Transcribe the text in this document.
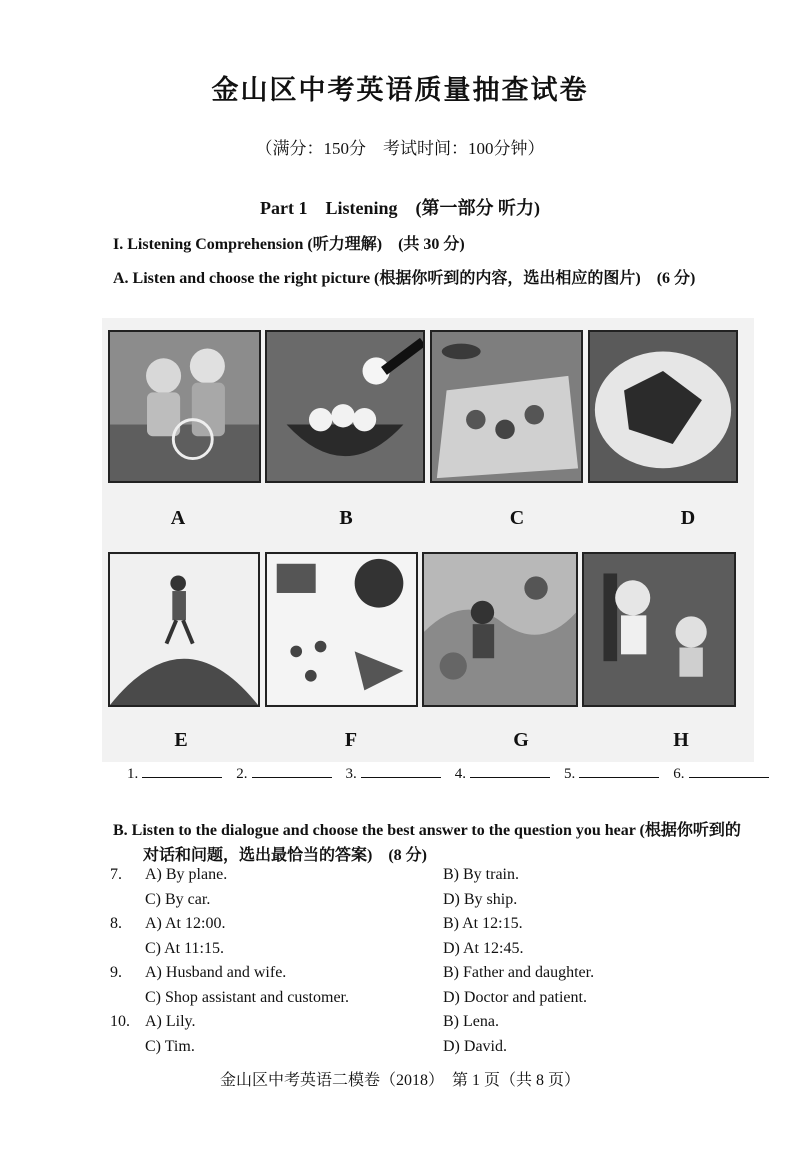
金山区中考英语质量抽查试卷
（满分：150分　考试时间：100分钟）
Part 1　Listening　(第一部分 听力)
I. Listening Comprehension (听力理解)　(共 30 分)
A. Listen and choose the right picture (根据你听到的内容，选出相应的图片)　(6 分)
A	B	C	D
E	F	G	H
1.	2.	3.	4.	5.	6.
B. Listen to the dialogue and choose the best answer to the question you hear (根据你听到的
对话和问题，选出最恰当的答案)　(8 分)
7. A) By plane.	B) By train.
C) By car.	D) By ship.
8. A) At 12:00.	B) At 12:15.
C) At 11:15.	D) At 12:45.
9. A) Husband and wife.	B) Father and daughter.
C) Shop assistant and customer.	D) Doctor and patient.
10. A) Lily.	B) Lena.
C) Tim.	D) David.
金山区中考英语二模卷（2018）　第 1 页（共 8 页）
